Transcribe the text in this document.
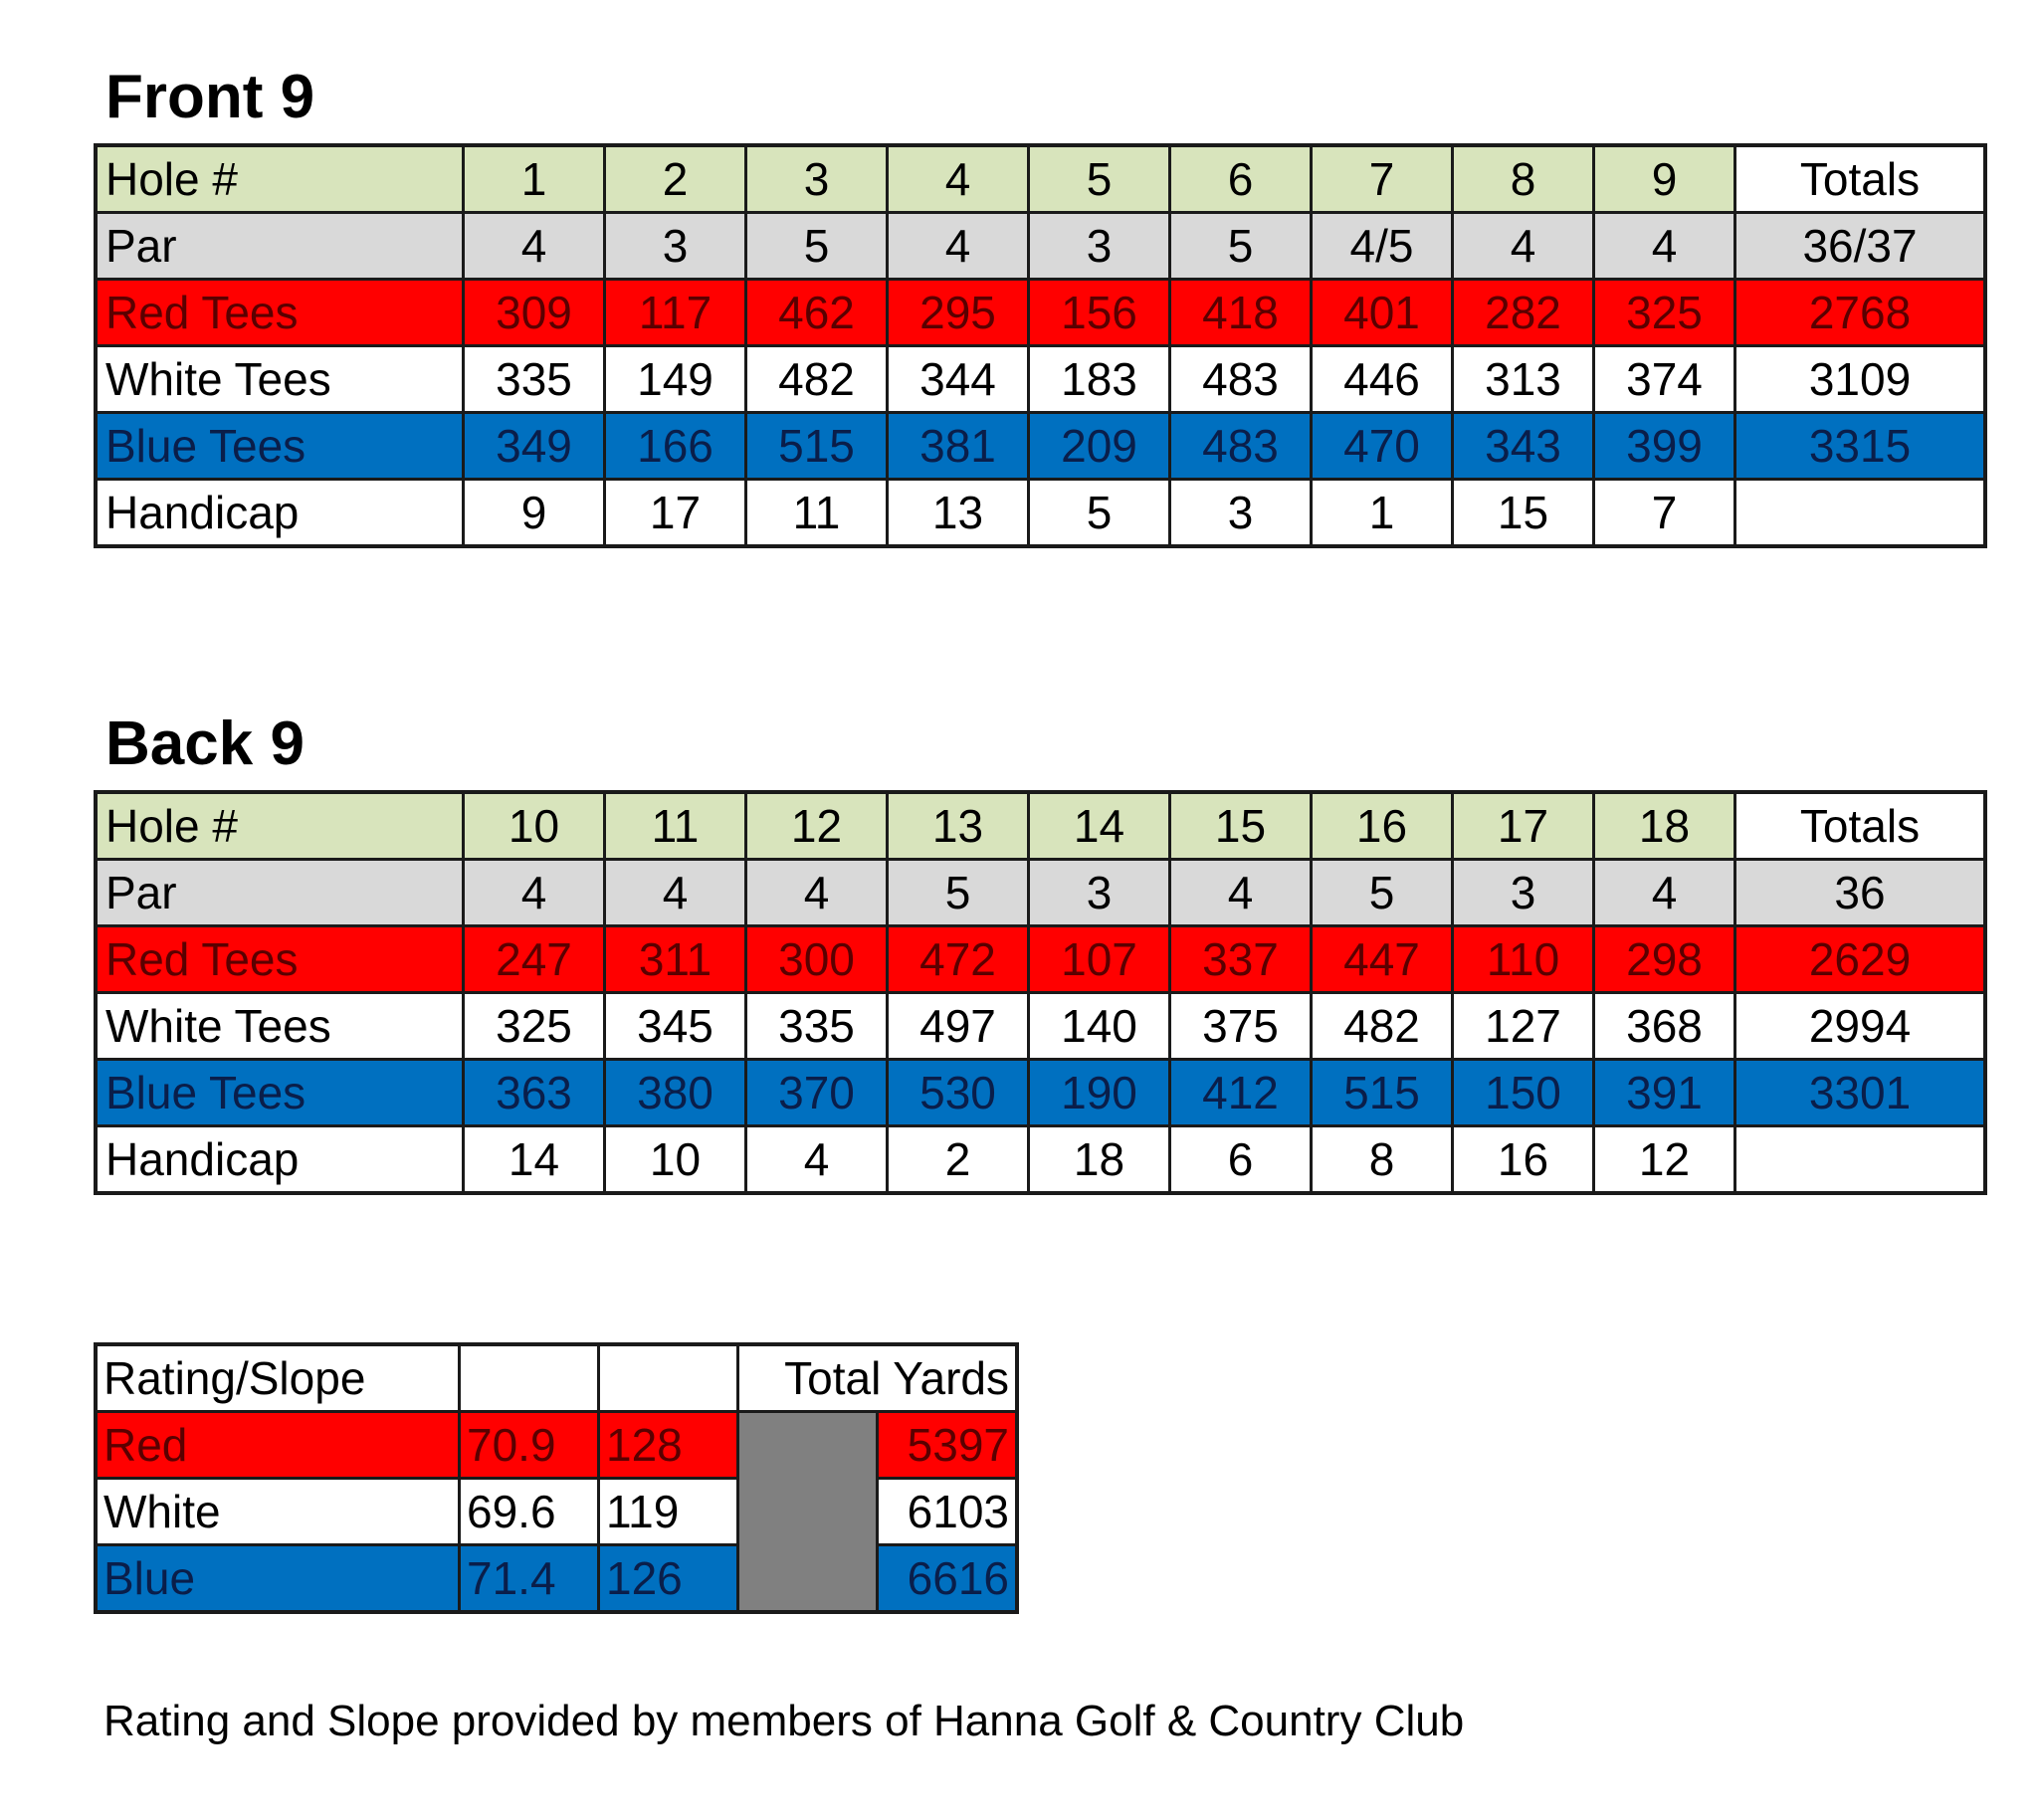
Front 9
Hole #	1	2	3	4	5	6	7	8	9	Totals
Par	4	3	5	4	3	5	4/5	4	4	36/37
Red Tees	309	117	462	295	156	418	401	282	325	2768
White Tees	335	149	482	344	183	483	446	313	374	3109
Blue Tees	349	166	515	381	209	483	470	343	399	3315
Handicap	9	17	11	13	5	3	1	15	7	
Back 9
Hole #	10	11	12	13	14	15	16	17	18	Totals
Par	4	4	4	5	3	4	5	3	4	36
Red Tees	247	311	300	472	107	337	447	110	298	2629
White Tees	325	345	335	497	140	375	482	127	368	2994
Blue Tees	363	380	370	530	190	412	515	150	391	3301
Handicap	14	10	4	2	18	6	8	16	12	
Rating/Slope			Total Yards	
Red	70.9	128		5397
White	69.6	119		6103
Blue	71.4	126		6616

Rating and Slope provided by members of Hanna Golf & Country Club
